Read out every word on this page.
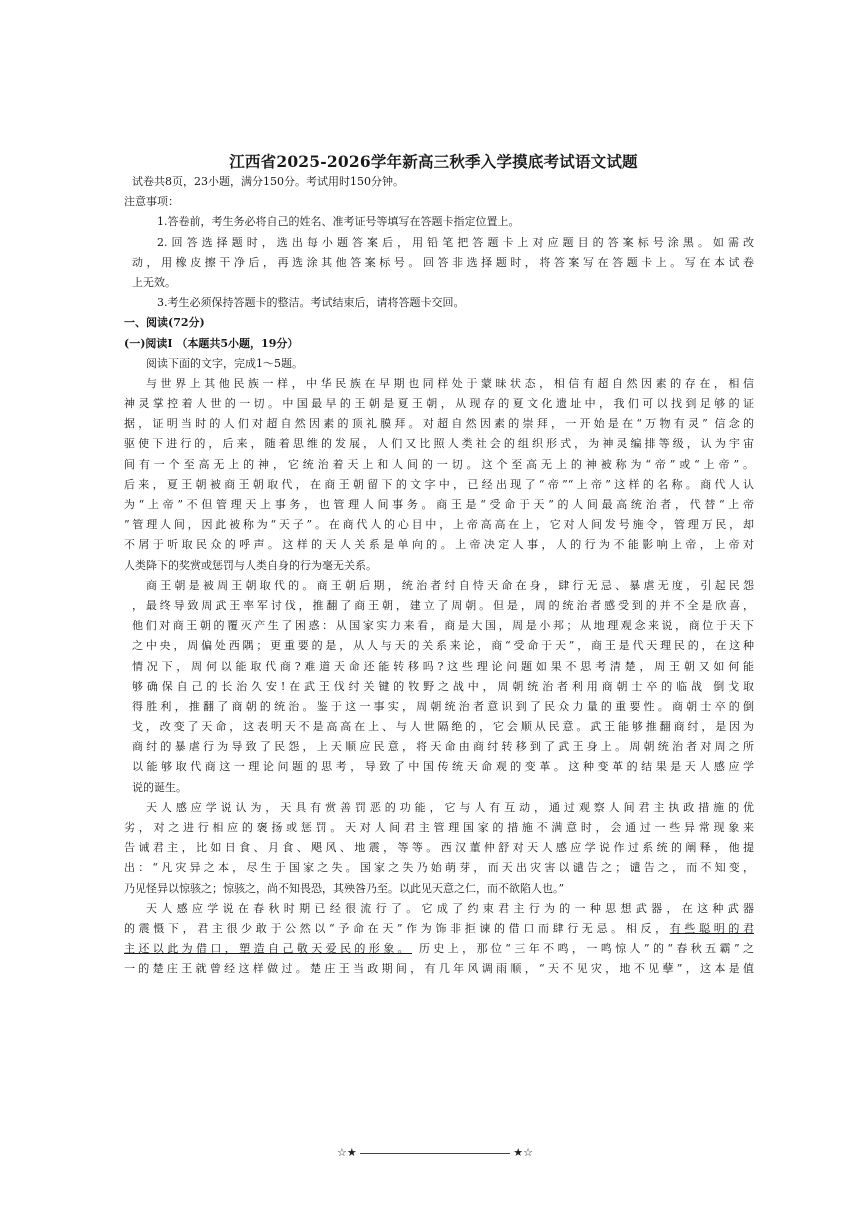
江西省2025-2026学年新高三秋季入学摸底考试语文试题
试卷共8页，23小题，满分150分。考试用时150分钟。
注意事项：
1.答卷前，考生务必将自己的姓名、准考证号等填写在答题卡指定位置上。
2.回答选择题时，选出每小题答案后，用铅笔把答题卡上对应题目的答案标号涂黑。如需改
动，用橡皮擦干净后，再选涂其他答案标号。回答非选择题时，将答案写在答题卡上。写在本试卷
上无效。
3.考生必须保持答题卡的整洁。考试结束后，请将答题卡交回。
一、阅读(72分)
(一)阅读Ⅰ （本题共5小题，19分）
阅读下面的文字，完成1～5题。
与世界上其他民族一样，中华民族在早期也同样处于蒙昧状态，相信有超自然因素的存在，相信
神灵掌控着人世的一切。中国最早的王朝是夏王朝，从现存的夏文化遗址中，我们可以找到足够的证
据，证明当时的人们对超自然因素的顶礼膜拜。对超自然因素的崇拜，一开始是在“万物有灵” 信念的
驱使下进行的，后来，随着思维的发展，人们又比照人类社会的组织形式，为神灵编排等级，认为宇宙
间有一个至高无上的神，它统治着天上和人间的一切。这个至高无上的神被称为“帝”或“上帝”。
后来，夏王朝被商王朝取代，在商王朝留下的文字中，已经出现了“帝”“上帝”这样的名称。商代人认
为“上帝”不但管理天上事务，也管理人间事务。商王是“受命于天”的人间最高统治者，代替“上帝
”管理人间，因此被称为“天子”。在商代人的心目中，上帝高高在上，它对人间发号施令，管理万民，却
不屑于听取民众的呼声。这样的天人关系是单向的。上帝决定人事，人的行为不能影响上帝，上帝对
人类降下的奖赏或惩罚与人类自身的行为毫无关系。
商王朝是被周王朝取代的。商王朝后期，统治者纣自恃天命在身，肆行无忌、暴虐无度，引起民怨
，最终导致周武王率军讨伐，推翻了商王朝，建立了周朝。但是，周的统治者感受到的并不全是欣喜，
他们对商王朝的覆灭产生了困惑：从国家实力来看，商是大国，周是小邦；从地理观念来说，商位于天下
之中央，周偏处西隅；更重要的是，从人与天的关系来论，商“受命于天”，商王是代天理民的，在这种
情况下，周何以能取代商?难道天命还能转移吗?这些理论问题如果不思考清楚，周王朝又如何能
够确保自己的长治久安!在武王伐纣关键的牧野之战中，周朝统治者利用商朝士卒的临战 倒戈取
得胜利，推翻了商朝的统治。鉴于这一事实，周朝统治者意识到了民众力量的重要性。商朝士卒的倒
戈，改变了天命，这表明天不是高高在上、与人世隔绝的，它会顺从民意。武王能够推翻商纣，是因为
商纣的暴虐行为导致了民怨，上天顺应民意，将天命由商纣转移到了武王身上。周朝统治者对周之所
以能够取代商这一理论问题的思考，导致了中国传统天命观的变革。这种变革的结果是天人感应学
说的诞生。
天人感应学说认为，天具有赏善罚恶的功能，它与人有互动，通过观察人间君主执政措施的优
劣，对之进行相应的褒扬或惩罚。天对人间君主管理国家的措施不满意时，会通过一些异常现象来
告诫君主，比如日食、月食、飓风、地震，等等。西汉董仲舒对天人感应学说作过系统的阐释，他提
出：“凡灾异之本，尽生于国家之失。国家之失乃始萌芽，而天出灾害以谴告之；谴告之，而不知变，
乃见怪异以惊骇之；惊骇之，尚不知畏恐，其殃咎乃至。以此见天意之仁，而不欲陷人也。”
天人感应学说在春秋时期已经很流行了。它成了约束君主行为的一种思想武器，在这种武器
的震慑下，君主很少敢于公然以“予命在天”作为饰非拒谏的借口而肆行无忌。相反，有些聪明的君
主还以此为借口，塑造自己敬天爱民的形象。 历史上，那位“三年不鸣，一鸣惊人”的“春秋五霸”之
一的楚庄王就曾经这样做过。楚庄王当政期间，有几年风调雨顺，“天不见灾，地不见孽”，这本是值
☆★	★☆
